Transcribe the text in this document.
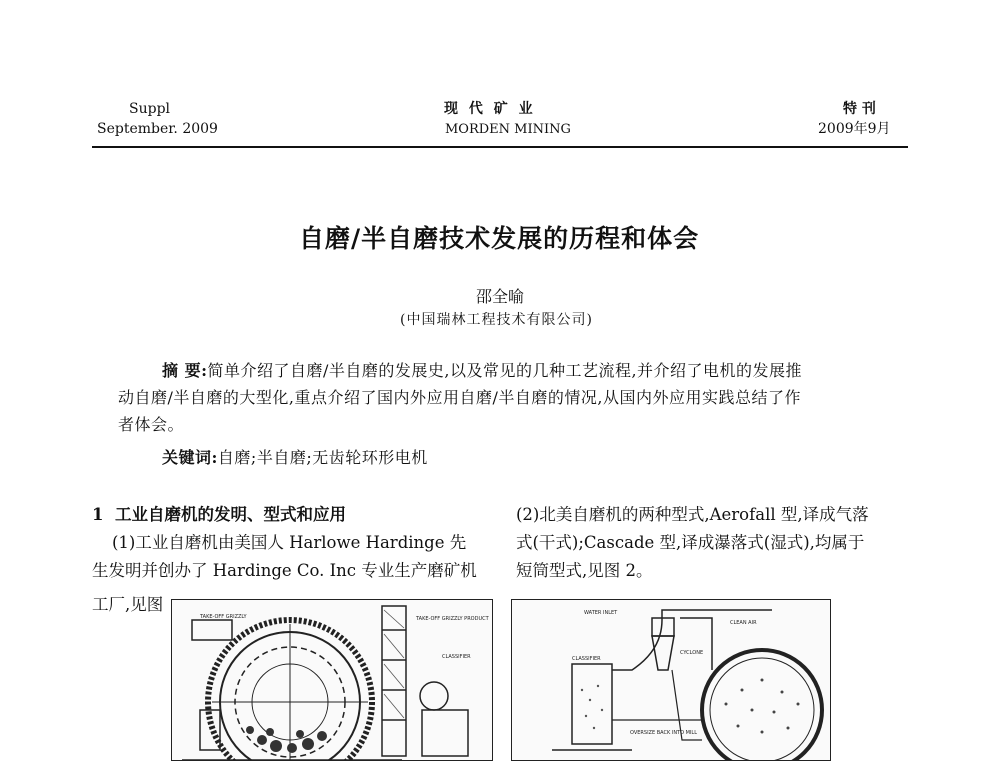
Suppl
September. 2009
现 代 矿 业
MORDEN MINING
特 刊
2009年9月
自磨/半自磨技术发展的历程和体会
邵全喻
(中国瑞林工程技术有限公司)
摘 要:简单介绍了自磨/半自磨的发展史,以及常见的几种工艺流程,并介绍了电机的发展推
动自磨/半自磨的大型化,重点介绍了国内外应用自磨/半自磨的情况,从国内外应用实践总结了作
者体会。
关键词:自磨;半自磨;无齿轮环形电机
1  工业自磨机的发明、型式和应用
(1)工业自磨机由美国人 Harlowe Hardinge 先
生发明并创办了 Hardinge Co. Inc 专业生产磨矿机
工厂,见图
(2)北美自磨机的两种型式,Aerofall 型,译成气落
式(干式);Cascade 型,译成瀑落式(湿式),均属于
短筒型式,见图 2。
TAKE-OFF GRIZZLY	TAKE-OFF GRIZZLY PRODUCT
CLASSIFIER
WATER INLET
CLEAN AIR
CLASSIFIER
CYCLONE
OVERSIZE BACK INTO MILL
